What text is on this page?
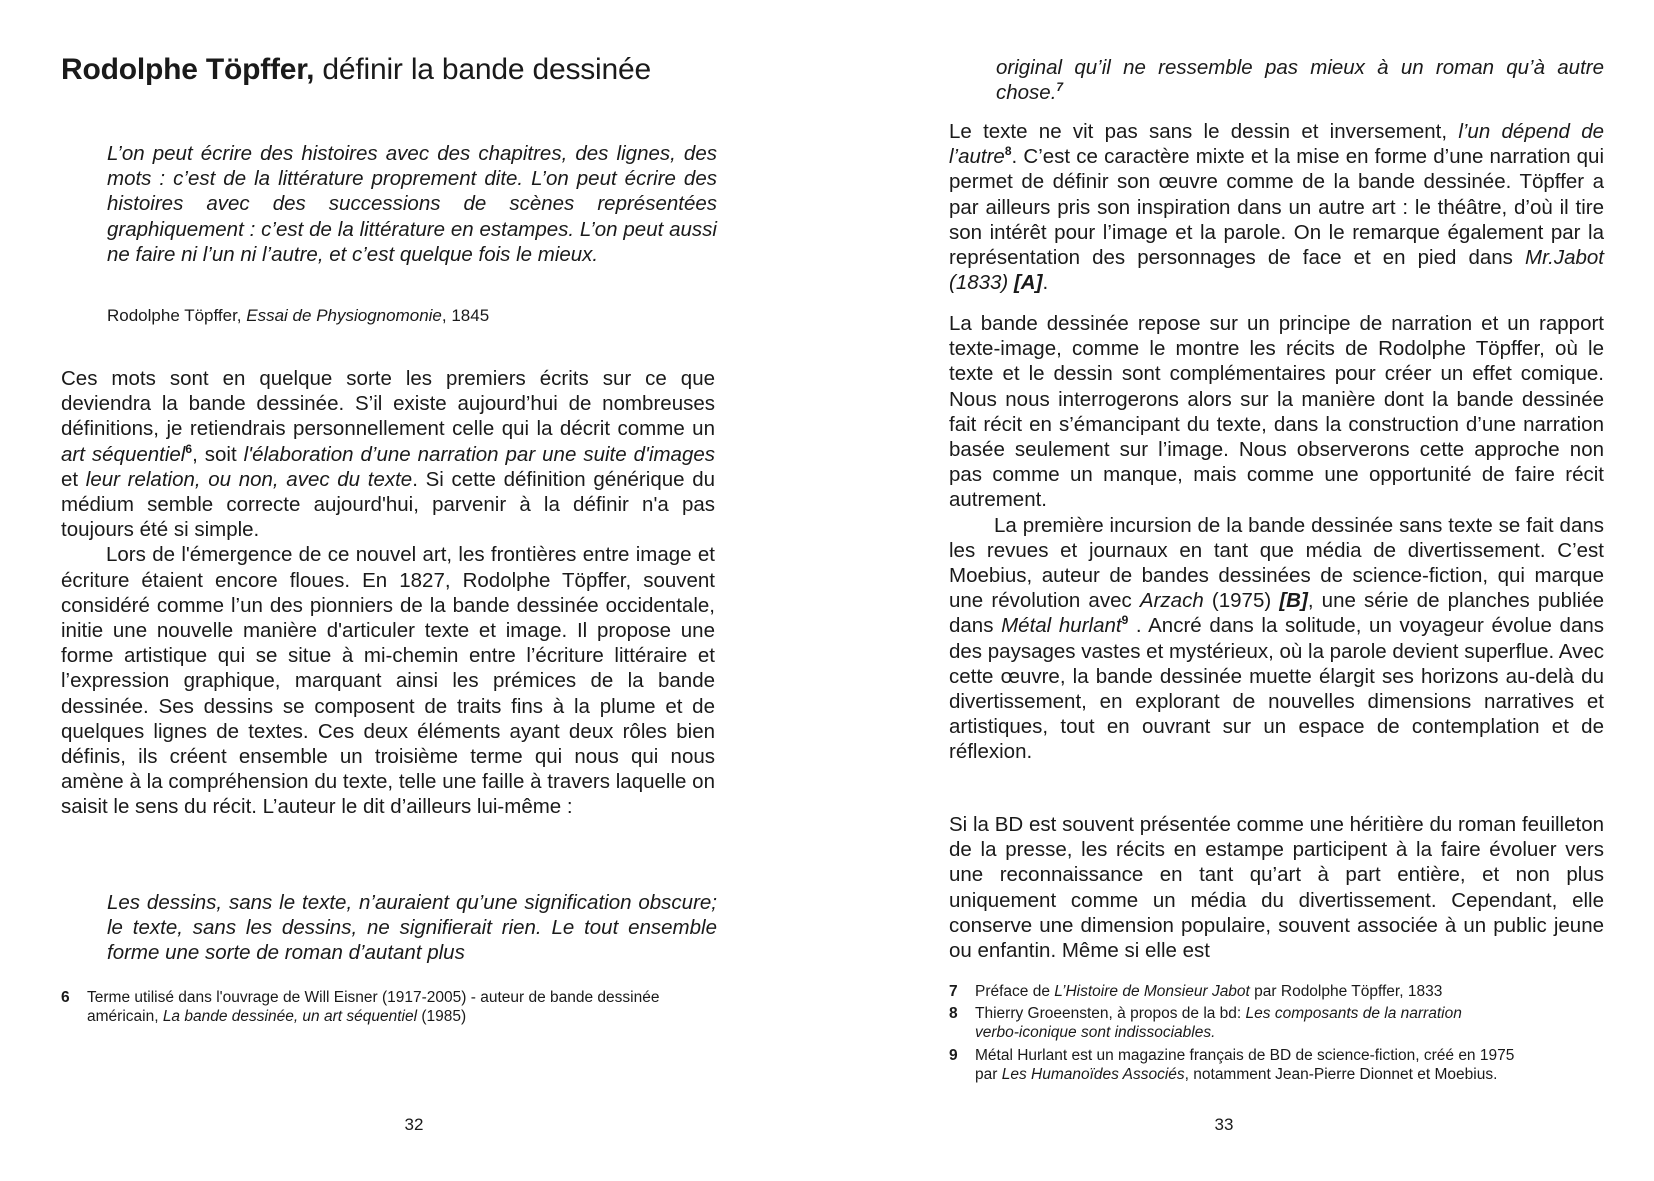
Rodolphe Töpffer, définir la bande dessinée

L’on peut écrire des histoires avec des chapitres, des lignes, des mots : c’est de la littérature proprement dite. L’on peut écrire des histoires avec des successions de scènes représentées graphiquement : c’est de la littérature en estampes. L’on peut aussi ne faire ni l’un ni l’autre, et c’est quelque fois le mieux.

Rodolphe Töpffer, Essai de Physiognomonie, 1845

Ces mots sont en quelque sorte les premiers écrits sur ce que deviendra la bande dessinée. S’il existe aujourd’hui de nombreuses définitions, je retiendrais personnellement celle qui la décrit comme un art séquentiel$^6$, soit l'élaboration d’une narration par une suite d'images et leur relation, ou non, avec du texte. Si cette définition générique du médium semble correcte aujourd'hui, parvenir à la définir n'a pas toujours été si simple.

Lors de l'émergence de ce nouvel art, les frontières entre image et écriture étaient encore floues. En 1827, Rodolphe Töpffer, souvent considéré comme l’un des pionniers de la bande dessinée occidentale, initie une nouvelle manière d'articuler texte et image. Il propose une forme artistique qui se situe à mi-chemin entre l’écriture littéraire et l’expression graphique, marquant ainsi les prémices de la bande dessinée. Ses dessins se composent de traits fins à la plume et de quelques lignes de textes. Ces deux éléments ayant deux rôles bien définis, ils créent ensemble un troisième terme qui nous qui nous amène à la compréhension du texte, telle une faille à travers laquelle on saisit le sens du récit. L’auteur le dit d’ailleurs lui-même :

Les dessins, sans le texte, n’auraient qu’une signification obscure; le texte, sans les dessins, ne signifierait rien. Le tout ensemble forme une sorte de roman d’autant plus

6 Terme utilisé dans l'ouvrage de Will Eisner (1917-2005) - auteur de bande dessinée
américain, La bande dessinée, un art séquentiel (1985)
32

original qu’il ne ressemble pas mieux à un roman qu’à autre chose.$^7$

Le texte ne vit pas sans le dessin et inversement, l’un dépend de l’autre$^8$. C’est ce caractère mixte et la mise en forme d’une narration qui permet de définir son œuvre comme de la bande dessinée. Töpffer a par ailleurs pris son inspiration dans un autre art : le théâtre, d’où il tire son intérêt pour l’image et la parole. On le remarque également par la représentation des personnages de face et en pied dans Mr.Jabot (1833) [A].

La bande dessinée repose sur un principe de narration et un rapport texte-image, comme le montre les récits de Rodolphe Töpffer, où le texte et le dessin sont complémentaires pour créer un effet comique. Nous nous interrogerons alors sur la manière dont la bande dessinée fait récit en s’émancipant du texte, dans la construction d’une narration basée seulement sur l’image. Nous observerons cette approche non pas comme un manque, mais comme une opportunité de faire récit autrement.

La première incursion de la bande dessinée sans texte se fait dans les revues et journaux en tant que média de divertissement. C’est Moebius, auteur de bandes dessinées de science-fiction, qui marque une révolution avec Arzach (1975) [B], une série de planches publiée dans Métal hurlant$^9$ . Ancré dans la solitude, un voyageur évolue dans des paysages vastes et mystérieux, où la parole devient superflue. Avec cette œuvre, la bande dessinée muette élargit ses horizons au-delà du divertissement, en explorant de nouvelles dimensions narratives et artistiques, tout en ouvrant sur un espace de contemplation et de réflexion.

Si la BD est souvent présentée comme une héritière du roman feuilleton de la presse, les récits en estampe participent à la faire évoluer vers une reconnaissance en tant qu’art à part entière, et non plus uniquement comme un média du divertissement. Cependant, elle conserve une dimension populaire, souvent associée à un public jeune ou enfantin. Même si elle est

7 Préface de L’Histoire de Monsieur Jabot par Rodolphe Töpffer, 1833
8 Thierry Groeensten, à propos de la bd: Les composants de la narration
verbo-iconique sont indissociables.
9 Métal Hurlant est un magazine français de BD de science-fiction, créé en 1975
par Les Humanoïdes Associés, notamment Jean-Pierre Dionnet et Moebius.
33
